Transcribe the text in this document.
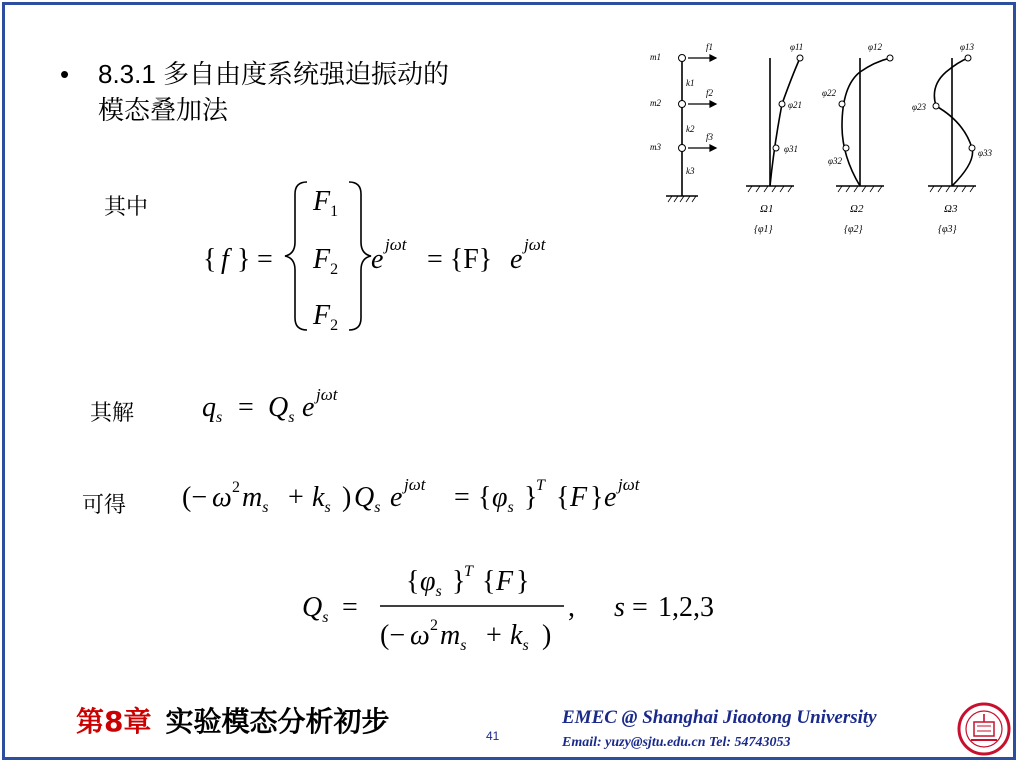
• 8.3.1 多自由度系统强迫振动的
模态叠加法
其中
其解
可得
{ f } =
$F_1$
$F_2$
$F_2$
e jωt = {F} e jωt
$q_s = Q_s$ e jωt
(− ω 2 $m_s + k_s$ ) $Q_s$ e jωt = { $\varphi_s$ }
T { F } e jωt
$Q_s$ =
{ $\varphi_s$ }
T { F }
(− ω 2 $m_s + k_s$ )
, s = 1,2,3
m1
m2
m3
k1
k2
k3
f1
f2
f3
φ11
φ21
φ31
Ω1
{φ1}
φ12
φ22
φ32
Ω2
{φ2}
φ13
φ23
φ33
Ω3
{φ3}
第8章 实验模态分析初步	41
EMEC @ Shanghai Jiaotong University
Email: yuzy@sjtu.edu.cn Tel: 54743053
